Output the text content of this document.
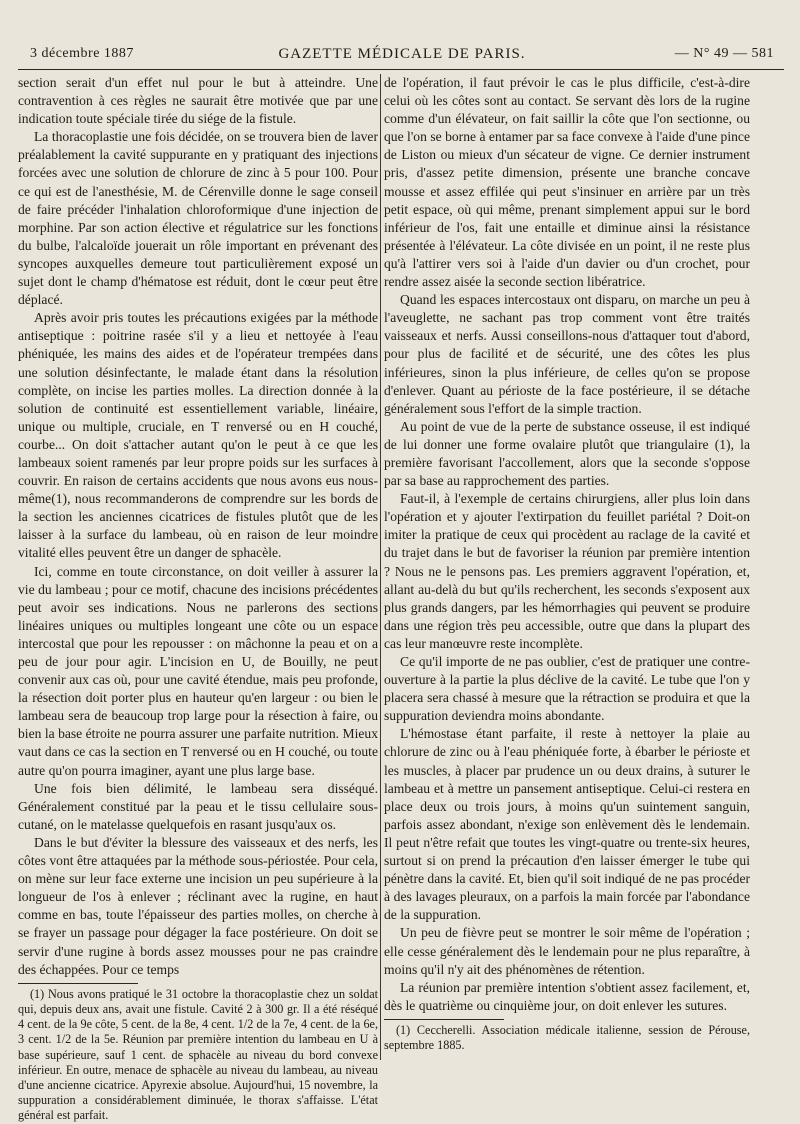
3 décembre 1887	GAZETTE MÉDICALE DE PARIS.	— N° 49 — 581

section serait d'un effet nul pour le but à atteindre. Une contravention à ces règles ne saurait être motivée que par une indication toute spéciale tirée du siége de la fistule.

La thoracoplastie une fois décidée, on se trouvera bien de laver préalablement la cavité suppurante en y pratiquant des injections forcées avec une solution de chlorure de zinc à 5 pour 100. Pour ce qui est de l'anesthésie, M. de Cérenville donne le sage conseil de faire précéder l'inhalation chloroformique d'une injection de morphine. Par son action élective et régulatrice sur les fonctions du bulbe, l'alcaloïde jouerait un rôle important en prévenant des syncopes auxquelles demeure tout particulièrement exposé un sujet dont le champ d'hématose est réduit, dont le cœur peut être déplacé.

Après avoir pris toutes les précautions exigées par la méthode antiseptique : poitrine rasée s'il y a lieu et nettoyée à l'eau phéniquée, les mains des aides et de l'opérateur trempées dans une solution désinfectante, le malade étant dans la résolution complète, on incise les parties molles. La direction donnée à la solution de continuité est essentiellement variable, linéaire, unique ou multiple, cruciale, en T renversé ou en H couché, courbe... On doit s'attacher autant qu'on le peut à ce que les lambeaux soient ramenés par leur propre poids sur les surfaces à couvrir. En raison de certains accidents que nous avons eus nous-même(1), nous recommanderons de comprendre sur les bords de la section les anciennes cicatrices de fistules plutôt que de les laisser à la surface du lambeau, où en raison de leur moindre vitalité elles peuvent être un danger de sphacèle.

Ici, comme en toute circonstance, on doit veiller à assurer la vie du lambeau ; pour ce motif, chacune des incisions précédentes peut avoir ses indications. Nous ne parlerons des sections linéaires uniques ou multiples longeant une côte ou un espace intercostal que pour les repousser : on mâchonne la peau et on a peu de jour pour agir. L'incision en U, de Bouilly, ne peut convenir aux cas où, pour une cavité étendue, mais peu profonde, la résection doit porter plus en hauteur qu'en largeur : ou bien le lambeau sera de beaucoup trop large pour la résection à faire, ou bien la base étroite ne pourra assurer une parfaite nutrition. Mieux vaut dans ce cas la section en T renversé ou en H couché, ou toute autre qu'on pourra imaginer, ayant une plus large base.

Une fois bien délimité, le lambeau sera disséqué. Généralement constitué par la peau et le tissu cellulaire sous-cutané, on le matelasse quelquefois en rasant jusqu'aux os.

Dans le but d'éviter la blessure des vaisseaux et des nerfs, les côtes vont être attaquées par la méthode sous-périostée. Pour cela, on mène sur leur face externe une incision un peu supérieure à la longueur de l'os à enlever ; réclinant avec la rugine, en haut comme en bas, toute l'épaisseur des parties molles, on cherche à se frayer un passage pour dégager la face postérieure. On doit se servir d'une rugine à bords assez mousses pour ne pas craindre des échappées. Pour ce temps

(1) Nous avons pratiqué le 31 octobre la thoracoplastie chez un soldat qui, depuis deux ans, avait une fistule. Cavité 2 à 300 gr. Il a été réséqué 4 cent. de la 9e côte, 5 cent. de la 8e, 4 cent. 1/2 de la 7e, 4 cent. de la 6e, 3 cent. 1/2 de la 5e. Réunion par première intention du lambeau en U à base supérieure, sauf 1 cent. de sphacèle au niveau du bord convexe inférieur. En outre, menace de sphacèle au niveau du lambeau, au niveau d'une ancienne cicatrice. Apyrexie absolue. Aujourd'hui, 15 novembre, la suppuration a considérablement diminuée, le thorax s'affaisse. L'état général est parfait.

de l'opération, il faut prévoir le cas le plus difficile, c'est-à-dire celui où les côtes sont au contact. Se servant dès lors de la rugine comme d'un élévateur, on fait saillir la côte que l'on sectionne, ou que l'on se borne à entamer par sa face convexe à l'aide d'une pince de Liston ou mieux d'un sécateur de vigne. Ce dernier instrument pris, d'assez petite dimension, présente une branche concave mousse et assez effilée qui peut s'insinuer en arrière par un très petit espace, où qui même, prenant simplement appui sur le bord inférieur de l'os, fait une entaille et diminue ainsi la résistance présentée à l'élévateur. La côte divisée en un point, il ne reste plus qu'à l'attirer vers soi à l'aide d'un davier ou d'un crochet, pour rendre assez aisée la seconde section libératrice.

Quand les espaces intercostaux ont disparu, on marche un peu à l'aveuglette, ne sachant pas trop comment vont être traités vaisseaux et nerfs. Aussi conseillons-nous d'attaquer tout d'abord, pour plus de facilité et de sécurité, une des côtes les plus inférieures, sinon la plus inférieure, de celles qu'on se propose d'enlever. Quant au périoste de la face postérieure, il se détache généralement sous l'effort de la simple traction.

Au point de vue de la perte de substance osseuse, il est indiqué de lui donner une forme ovalaire plutôt que triangulaire (1), la première favorisant l'accollement, alors que la seconde s'oppose par sa base au rapprochement des parties.

Faut-il, à l'exemple de certains chirurgiens, aller plus loin dans l'opération et y ajouter l'extirpation du feuillet pariétal ? Doit-on imiter la pratique de ceux qui procèdent au raclage de la cavité et du trajet dans le but de favoriser la réunion par première intention ? Nous ne le pensons pas. Les premiers aggravent l'opération, et, allant au-delà du but qu'ils recherchent, les seconds s'exposent aux plus grands dangers, par les hémorrhagies qui peuvent se produire dans une région très peu accessible, outre que dans la plupart des cas leur manœuvre reste incomplète.

Ce qu'il importe de ne pas oublier, c'est de pratiquer une contre-ouverture à la partie la plus déclive de la cavité. Le tube que l'on y placera sera chassé à mesure que la rétraction se produira et que la suppuration deviendra moins abondante.

L'hémostase étant parfaite, il reste à nettoyer la plaie au chlorure de zinc ou à l'eau phéniquée forte, à ébarber le périoste et les muscles, à placer par prudence un ou deux drains, à suturer le lambeau et à mettre un pansement antiseptique. Celui-ci restera en place deux ou trois jours, à moins qu'un suintement sanguin, parfois assez abondant, n'exige son enlèvement dès le lendemain. Il peut n'être refait que toutes les vingt-quatre ou trente-six heures, surtout si on prend la précaution d'en laisser émerger le tube qui pénètre dans la cavité. Et, bien qu'il soit indiqué de ne pas procéder à des lavages pleuraux, on a parfois la main forcée par l'abondance de la suppuration.

Un peu de fièvre peut se montrer le soir même de l'opération ; elle cesse généralement dès le lendemain pour ne plus reparaître, à moins qu'il n'y ait des phénomènes de rétention.

La réunion par première intention s'obtient assez facilement, et, dès le quatrième ou cinquième jour, on doit enlever les sutures.

(1) Ceccherelli. Association médicale italienne, session de Pérouse, septembre 1885.
